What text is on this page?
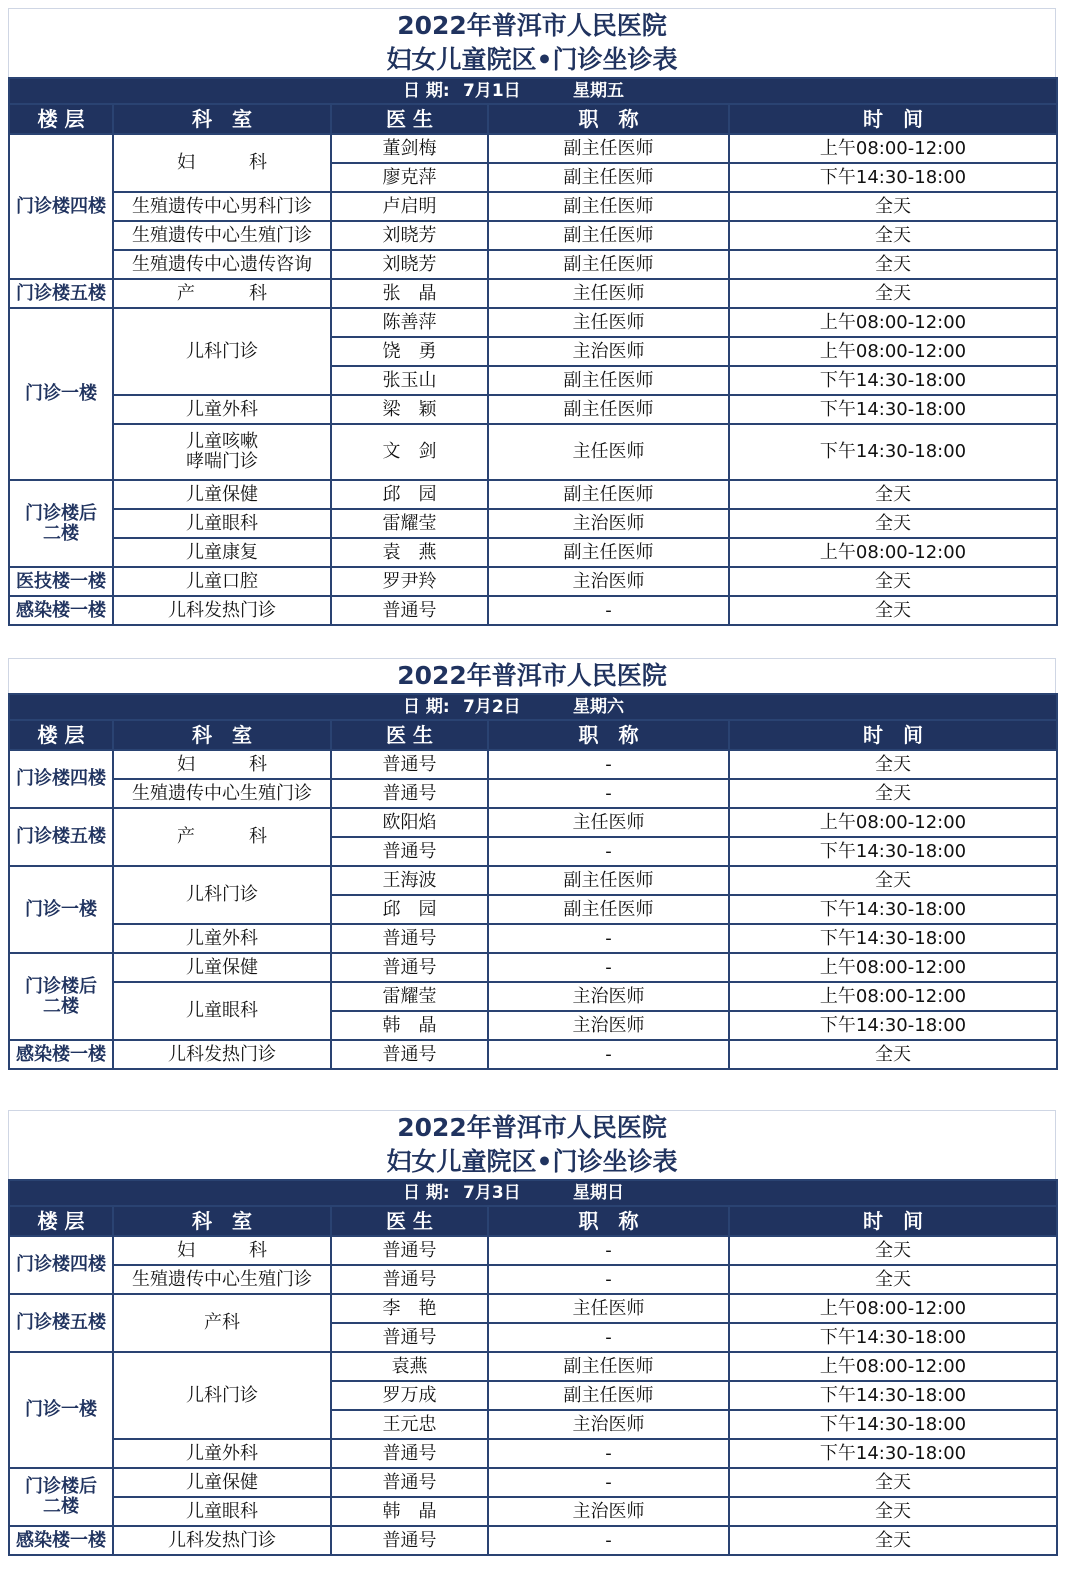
2022年普洱市人民医院
妇女儿童院区•门诊坐诊表
日 期: 7月1日 星期五				
楼 层	科　室	医 生	职　称	时　间
门诊楼四楼	妇　　　科	董剑梅	副主任医师	上午08:00-12:00
		廖克萍	副主任医师	下午14:30-18:00
	生殖遗传中心男科门诊	卢启明	副主任医师	全天
	生殖遗传中心生殖门诊	刘晓芳	副主任医师	全天
	生殖遗传中心遗传咨询	刘晓芳	副主任医师	全天
门诊楼五楼	产　　　科	张　晶	主任医师	全天
门诊一楼	儿科门诊	陈善萍	主任医师	上午08:00-12:00
		饶　勇	主治医师	上午08:00-12:00
		张玉山	副主任医师	下午14:30-18:00
	儿童外科	梁　颖	副主任医师	下午14:30-18:00
	儿童咳嗽
哮喘门诊	文　剑	主任医师	下午14:30-18:00
门诊楼后
二楼	儿童保健	邱　园	副主任医师	全天
	儿童眼科	雷耀莹	主治医师	全天
	儿童康复	袁　燕	副主任医师	上午08:00-12:00
医技楼一楼	儿童口腔	罗尹羚	主治医师	全天
感染楼一楼	儿科发热门诊	普通号	-	全天
2022年普洱市人民医院
日 期: 7月2日 星期六				
楼 层	科　室	医 生	职　称	时　间
门诊楼四楼	妇　　　科	普通号	-	全天
	生殖遗传中心生殖门诊	普通号	-	全天
门诊楼五楼	产　　　科	欧阳焰	主任医师	上午08:00-12:00
		普通号	-	下午14:30-18:00
门诊一楼	儿科门诊	王海波	副主任医师	全天
		邱　园	副主任医师	下午14:30-18:00
	儿童外科	普通号	-	下午14:30-18:00
门诊楼后
二楼	儿童保健	普通号	-	上午08:00-12:00
	儿童眼科	雷耀莹	主治医师	上午08:00-12:00
		韩　晶	主治医师	下午14:30-18:00
感染楼一楼	儿科发热门诊	普通号	-	全天
2022年普洱市人民医院
妇女儿童院区•门诊坐诊表
日 期: 7月3日 星期日				
楼 层	科　室	医 生	职　称	时　间
门诊楼四楼	妇　　　科	普通号	-	全天
	生殖遗传中心生殖门诊	普通号	-	全天
门诊楼五楼	产科	李　艳	主任医师	上午08:00-12:00
		普通号	-	下午14:30-18:00
门诊一楼	儿科门诊	袁燕	副主任医师	上午08:00-12:00
		罗万成	副主任医师	下午14:30-18:00
		王元忠	主治医师	下午14:30-18:00
	儿童外科	普通号	-	下午14:30-18:00
门诊楼后
二楼	儿童保健	普通号	-	全天
	儿童眼科	韩　晶	主治医师	全天
感染楼一楼	儿科发热门诊	普通号	-	全天
